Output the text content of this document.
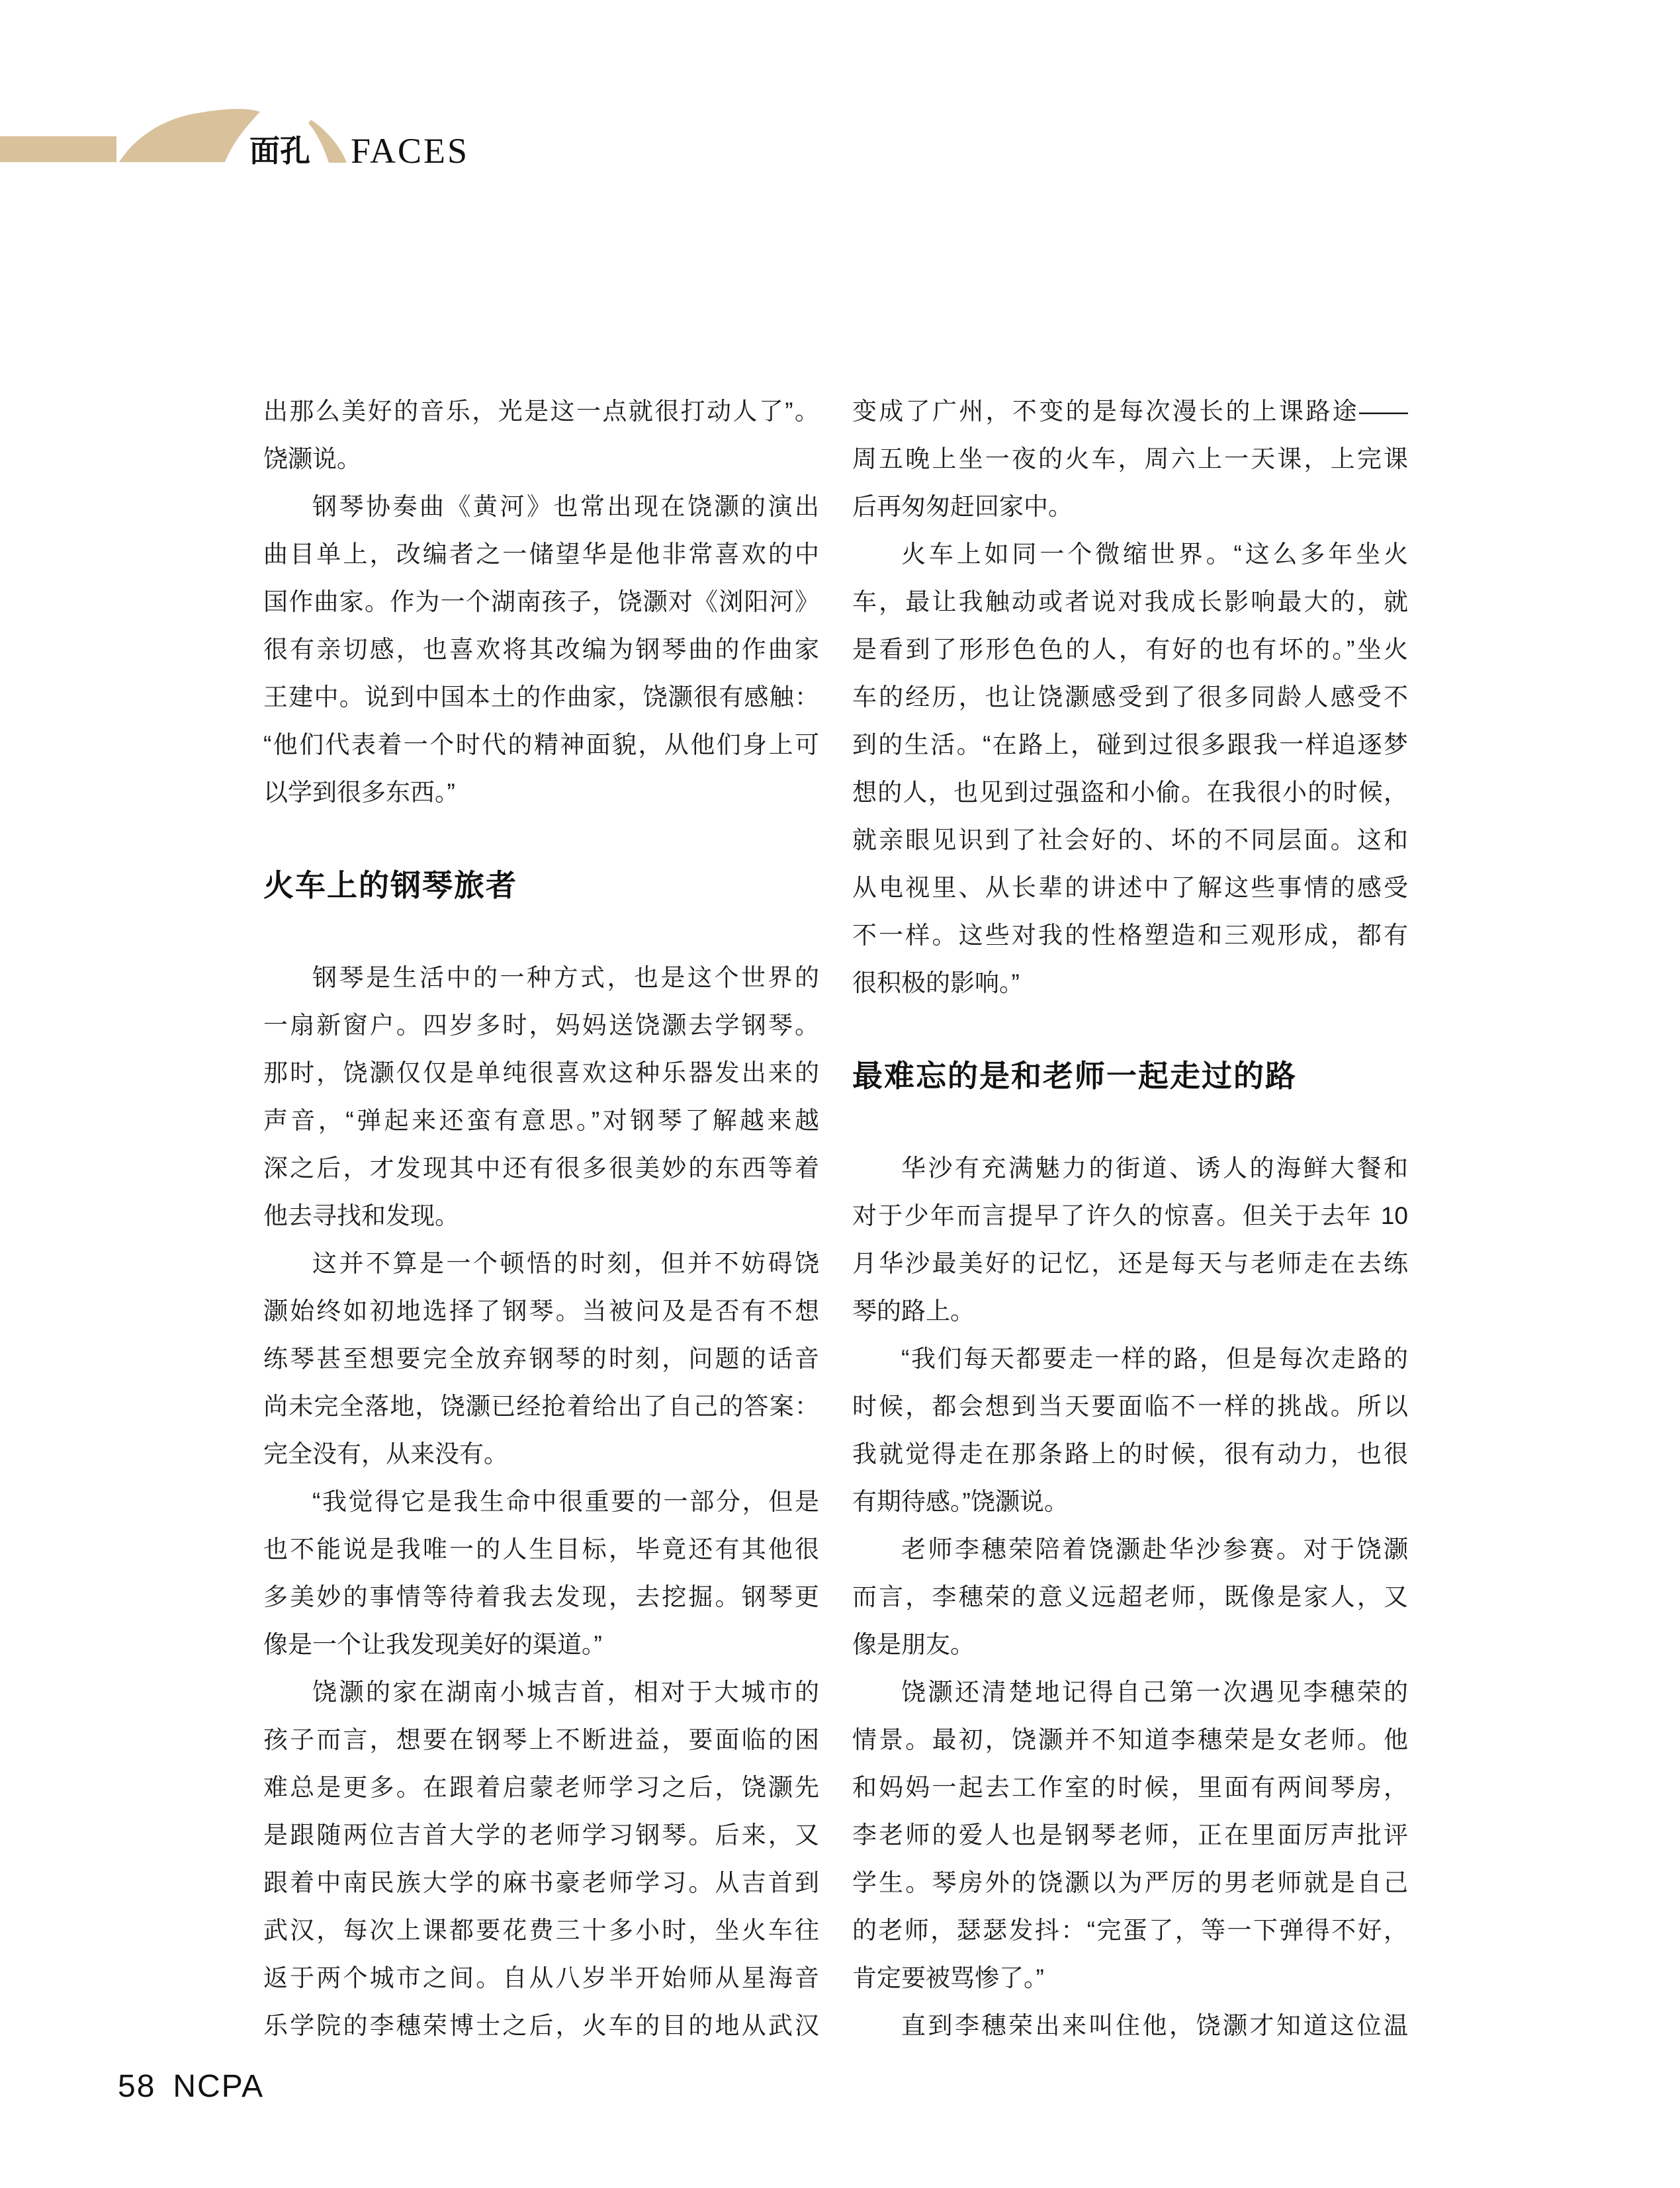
面孔 FACES
出那么美好的音乐，光是这一点就很打动人了”。
饶灏说。
钢琴协奏曲《黄河》也常出现在饶灏的演出
曲目单上，改编者之一储望华是他非常喜欢的中
国作曲家。作为一个湖南孩子，饶灏对《浏阳河》
很有亲切感，也喜欢将其改编为钢琴曲的作曲家
王建中。说到中国本土的作曲家，饶灏很有感触：
“他们代表着一个时代的精神面貌，从他们身上可
以学到很多东西。”
火车上的钢琴旅者
钢琴是生活中的一种方式，也是这个世界的
一扇新窗户。四岁多时，妈妈送饶灏去学钢琴。
那时，饶灏仅仅是单纯很喜欢这种乐器发出来的
声音，“弹起来还蛮有意思。”对钢琴了解越来越
深之后，才发现其中还有很多很美妙的东西等着
他去寻找和发现。
这并不算是一个顿悟的时刻，但并不妨碍饶
灏始终如初地选择了钢琴。当被问及是否有不想
练琴甚至想要完全放弃钢琴的时刻，问题的话音
尚未完全落地，饶灏已经抢着给出了自己的答案：
完全没有，从来没有。
“我觉得它是我生命中很重要的一部分，但是
也不能说是我唯一的人生目标，毕竟还有其他很
多美妙的事情等待着我去发现，去挖掘。钢琴更
像是一个让我发现美好的渠道。”
饶灏的家在湖南小城吉首，相对于大城市的
孩子而言，想要在钢琴上不断进益，要面临的困
难总是更多。在跟着启蒙老师学习之后，饶灏先
是跟随两位吉首大学的老师学习钢琴。后来，又
跟着中南民族大学的麻书豪老师学习。从吉首到
武汉，每次上课都要花费三十多小时，坐火车往
返于两个城市之间。自从八岁半开始师从星海音
乐学院的李穗荣博士之后，火车的目的地从武汉
变成了广州，不变的是每次漫长的上课路途——
周五晚上坐一夜的火车，周六上一天课，上完课
后再匆匆赶回家中。
火车上如同一个微缩世界。“这么多年坐火
车，最让我触动或者说对我成长影响最大的，就
是看到了形形色色的人，有好的也有坏的。”坐火
车的经历，也让饶灏感受到了很多同龄人感受不
到的生活。“在路上，碰到过很多跟我一样追逐梦
想的人，也见到过强盗和小偷。在我很小的时候，
就亲眼见识到了社会好的、坏的不同层面。这和
从电视里、从长辈的讲述中了解这些事情的感受
不一样。这些对我的性格塑造和三观形成，都有
很积极的影响。”
最难忘的是和老师一起走过的路
华沙有充满魅力的街道、诱人的海鲜大餐和
对于少年而言提早了许久的惊喜。但关于去年 10
月华沙最美好的记忆，还是每天与老师走在去练
琴的路上。
“我们每天都要走一样的路，但是每次走路的
时候，都会想到当天要面临不一样的挑战。所以
我就觉得走在那条路上的时候，很有动力，也很
有期待感。”饶灏说。
老师李穗荣陪着饶灏赴华沙参赛。对于饶灏
而言，李穗荣的意义远超老师，既像是家人，又
像是朋友。
饶灏还清楚地记得自己第一次遇见李穗荣的
情景。最初，饶灏并不知道李穗荣是女老师。他
和妈妈一起去工作室的时候，里面有两间琴房，
李老师的爱人也是钢琴老师，正在里面厉声批评
学生。琴房外的饶灏以为严厉的男老师就是自己
的老师，瑟瑟发抖：“完蛋了，等一下弹得不好，
肯定要被骂惨了。”
直到李穗荣出来叫住他，饶灏才知道这位温
58 NCPA
